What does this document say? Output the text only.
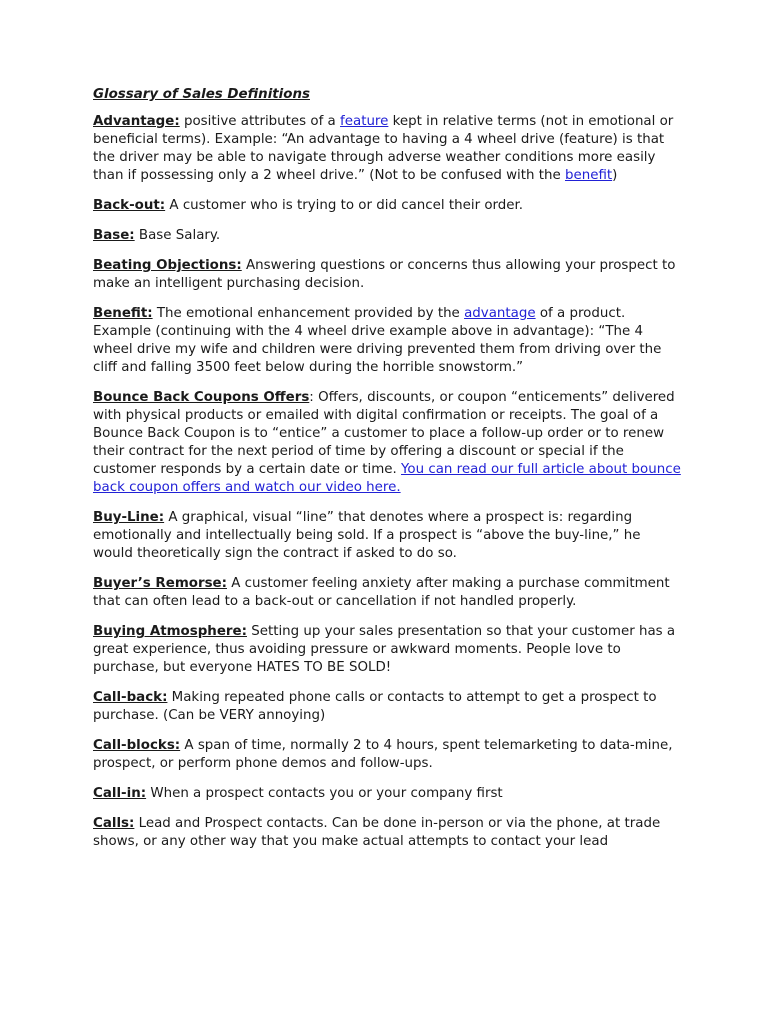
Glossary of Sales Definitions

Advantage: positive attributes of a feature kept in relative terms (not in emotional or beneficial terms). Example: “An advantage to having a 4 wheel drive (feature) is that the driver may be able to navigate through adverse weather conditions more easily than if possessing only a 2 wheel drive.” (Not to be confused with the benefit)

Back-out: A customer who is trying to or did cancel their order.

Base: Base Salary.

Beating Objections: Answering questions or concerns thus allowing your prospect to make an intelligent purchasing decision.

Benefit: The emotional enhancement provided by the advantage of a product. Example (continuing with the 4 wheel drive example above in advantage): “The 4 wheel drive my wife and children were driving prevented them from driving over the cliff and falling 3500 feet below during the horrible snowstorm.”

Bounce Back Coupons Offers: Offers, discounts, or coupon “enticements” delivered with physical products or emailed with digital confirmation or receipts. The goal of a Bounce Back Coupon is to “entice” a customer to place a follow-up order or to renew their contract for the next period of time by offering a discount or special if the customer responds by a certain date or time. You can read our full article about bounce back coupon offers and watch our video here.

Buy-Line: A graphical, visual “line” that denotes where a prospect is: regarding emotionally and intellectually being sold. If a prospect is “above the buy-line,” he would theoretically sign the contract if asked to do so.

Buyer’s Remorse: A customer feeling anxiety after making a purchase commitment that can often lead to a back-out or cancellation if not handled properly.

Buying Atmosphere: Setting up your sales presentation so that your customer has a great experience, thus avoiding pressure or awkward moments. People love to purchase, but everyone HATES TO BE SOLD!

Call-back: Making repeated phone calls or contacts to attempt to get a prospect to purchase. (Can be VERY annoying)

Call-blocks: A span of time, normally 2 to 4 hours, spent telemarketing to data-mine, prospect, or perform phone demos and follow-ups.

Call-in: When a prospect contacts you or your company first

Calls: Lead and Prospect contacts. Can be done in-person or via the phone, at trade shows, or any other way that you make actual attempts to contact your lead
